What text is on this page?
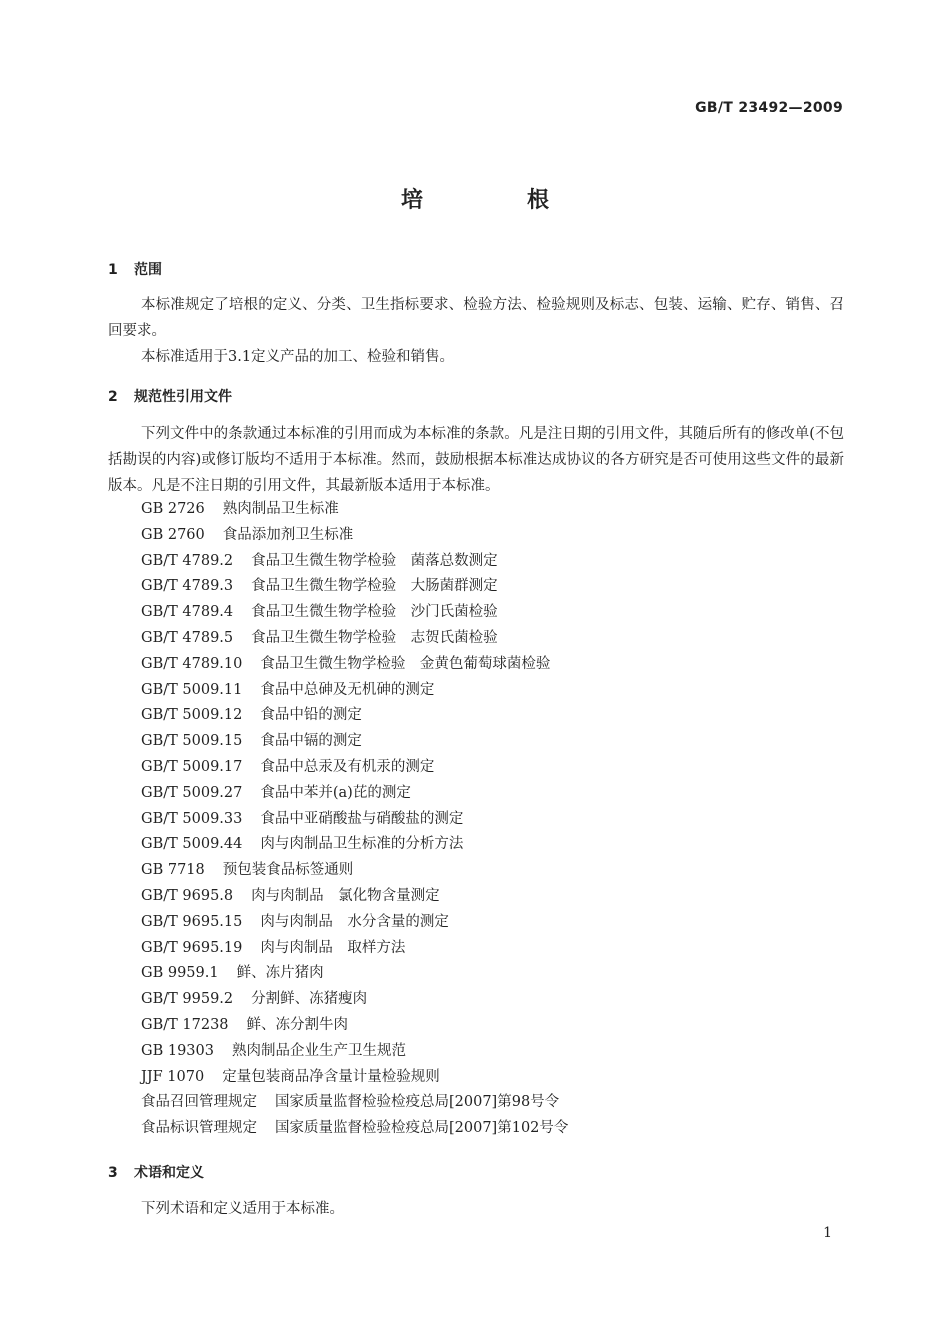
GB/T 23492—2009
培根
1 范围
本标准规定了培根的定义、分类、卫生指标要求、检验方法、检验规则及标志、包装、运输、贮存、销售、召回要求。
本标准适用于3.1定义产品的加工、检验和销售。
2 规范性引用文件
下列文件中的条款通过本标准的引用而成为本标准的条款。凡是注日期的引用文件，其随后所有的修改单(不包括勘误的内容)或修订版均不适用于本标准。然而，鼓励根据本标准达成协议的各方研究是否可使用这些文件的最新版本。凡是不注日期的引用文件，其最新版本适用于本标准。
GB 2726 熟肉制品卫生标准
GB 2760 食品添加剂卫生标准
GB/T 4789.2 食品卫生微生物学检验　菌落总数测定
GB/T 4789.3 食品卫生微生物学检验　大肠菌群测定
GB/T 4789.4 食品卫生微生物学检验　沙门氏菌检验
GB/T 4789.5 食品卫生微生物学检验　志贺氏菌检验
GB/T 4789.10 食品卫生微生物学检验　金黄色葡萄球菌检验
GB/T 5009.11 食品中总砷及无机砷的测定
GB/T 5009.12 食品中铅的测定
GB/T 5009.15 食品中镉的测定
GB/T 5009.17 食品中总汞及有机汞的测定
GB/T 5009.27 食品中苯并(a)芘的测定
GB/T 5009.33 食品中亚硝酸盐与硝酸盐的测定
GB/T 5009.44 肉与肉制品卫生标准的分析方法
GB 7718 预包装食品标签通则
GB/T 9695.8 肉与肉制品　氯化物含量测定
GB/T 9695.15 肉与肉制品　水分含量的测定
GB/T 9695.19 肉与肉制品　取样方法
GB 9959.1 鲜、冻片猪肉
GB/T 9959.2 分割鲜、冻猪瘦肉
GB/T 17238 鲜、冻分割牛肉
GB 19303 熟肉制品企业生产卫生规范
JJF 1070 定量包装商品净含量计量检验规则
食品召回管理规定 国家质量监督检验检疫总局[2007]第98号令
食品标识管理规定 国家质量监督检验检疫总局[2007]第102号令
3 术语和定义
下列术语和定义适用于本标准。
1
